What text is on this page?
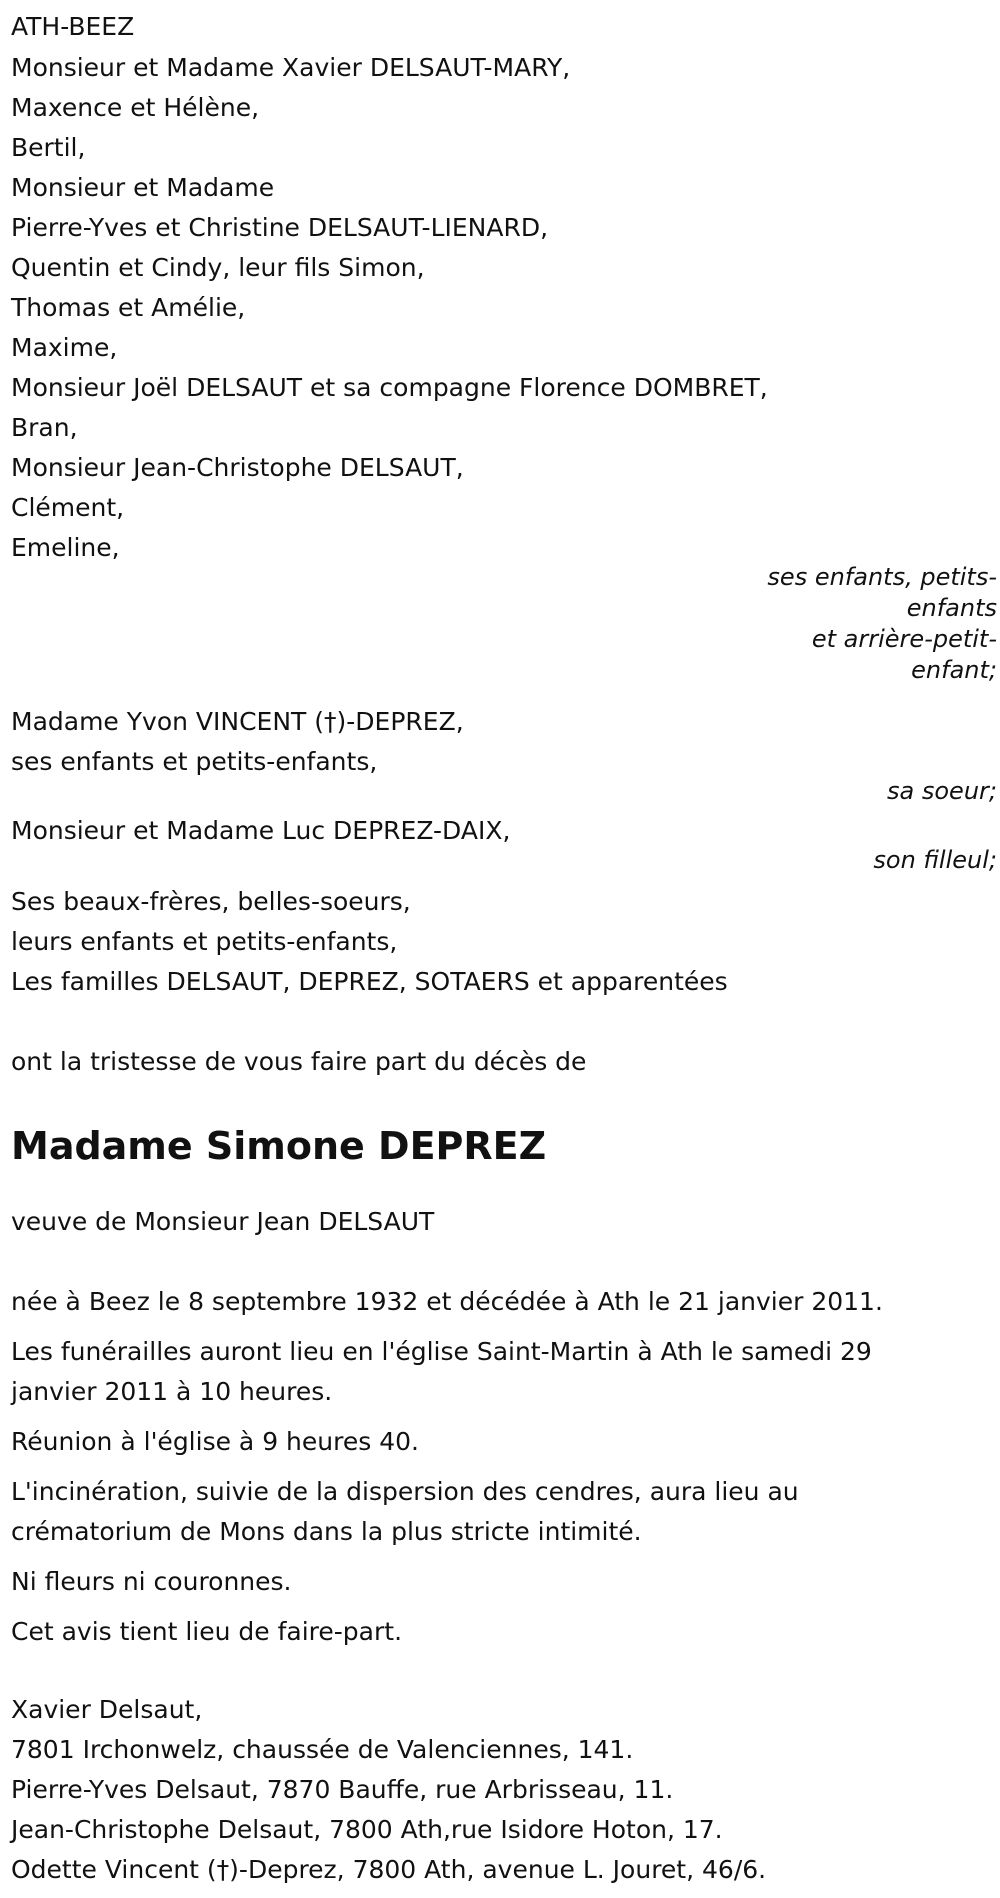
ATH-BEEZ
Monsieur et Madame Xavier DELSAUT-MARY,
Maxence et Hélène,
Bertil,
Monsieur et Madame
Pierre-Yves et Christine DELSAUT-LIENARD,
Quentin et Cindy, leur fils Simon,
Thomas et Amélie,
Maxime,
Monsieur Joël DELSAUT et sa compagne Florence DOMBRET,
Bran,
Monsieur Jean-Christophe DELSAUT,
Clément,
Emeline,
ses enfants, petits-enfants
et arrière-petit-enfant;
Madame Yvon VINCENT (†)-DEPREZ,
ses enfants et petits-enfants,
sa soeur;
Monsieur et Madame Luc DEPREZ-DAIX,
son filleul;
Ses beaux-frères, belles-soeurs,
leurs enfants et petits-enfants,
Les familles DELSAUT, DEPREZ, SOTAERS et apparentées
ont la tristesse de vous faire part du décès de
Madame Simone DEPREZ
veuve de Monsieur Jean DELSAUT
née à Beez le 8 septembre 1932 et décédée à Ath le 21 janvier 2011.
Les funérailles auront lieu en l'église Saint-Martin à Ath le samedi 29 janvier 2011 à 10 heures.
Réunion à l'église à 9 heures 40.
L'incinération, suivie de la dispersion des cendres, aura lieu au crématorium de Mons dans la plus stricte intimité.
Ni fleurs ni couronnes.
Cet avis tient lieu de faire-part.
Xavier Delsaut,
7801 Irchonwelz, chaussée de Valenciennes, 141.
Pierre-Yves Delsaut, 7870 Bauffe, rue Arbrisseau, 11.
Jean-Christophe Delsaut, 7800 Ath,rue Isidore Hoton, 17.
Odette Vincent (†)-Deprez, 7800 Ath, avenue L. Jouret, 46/6.
